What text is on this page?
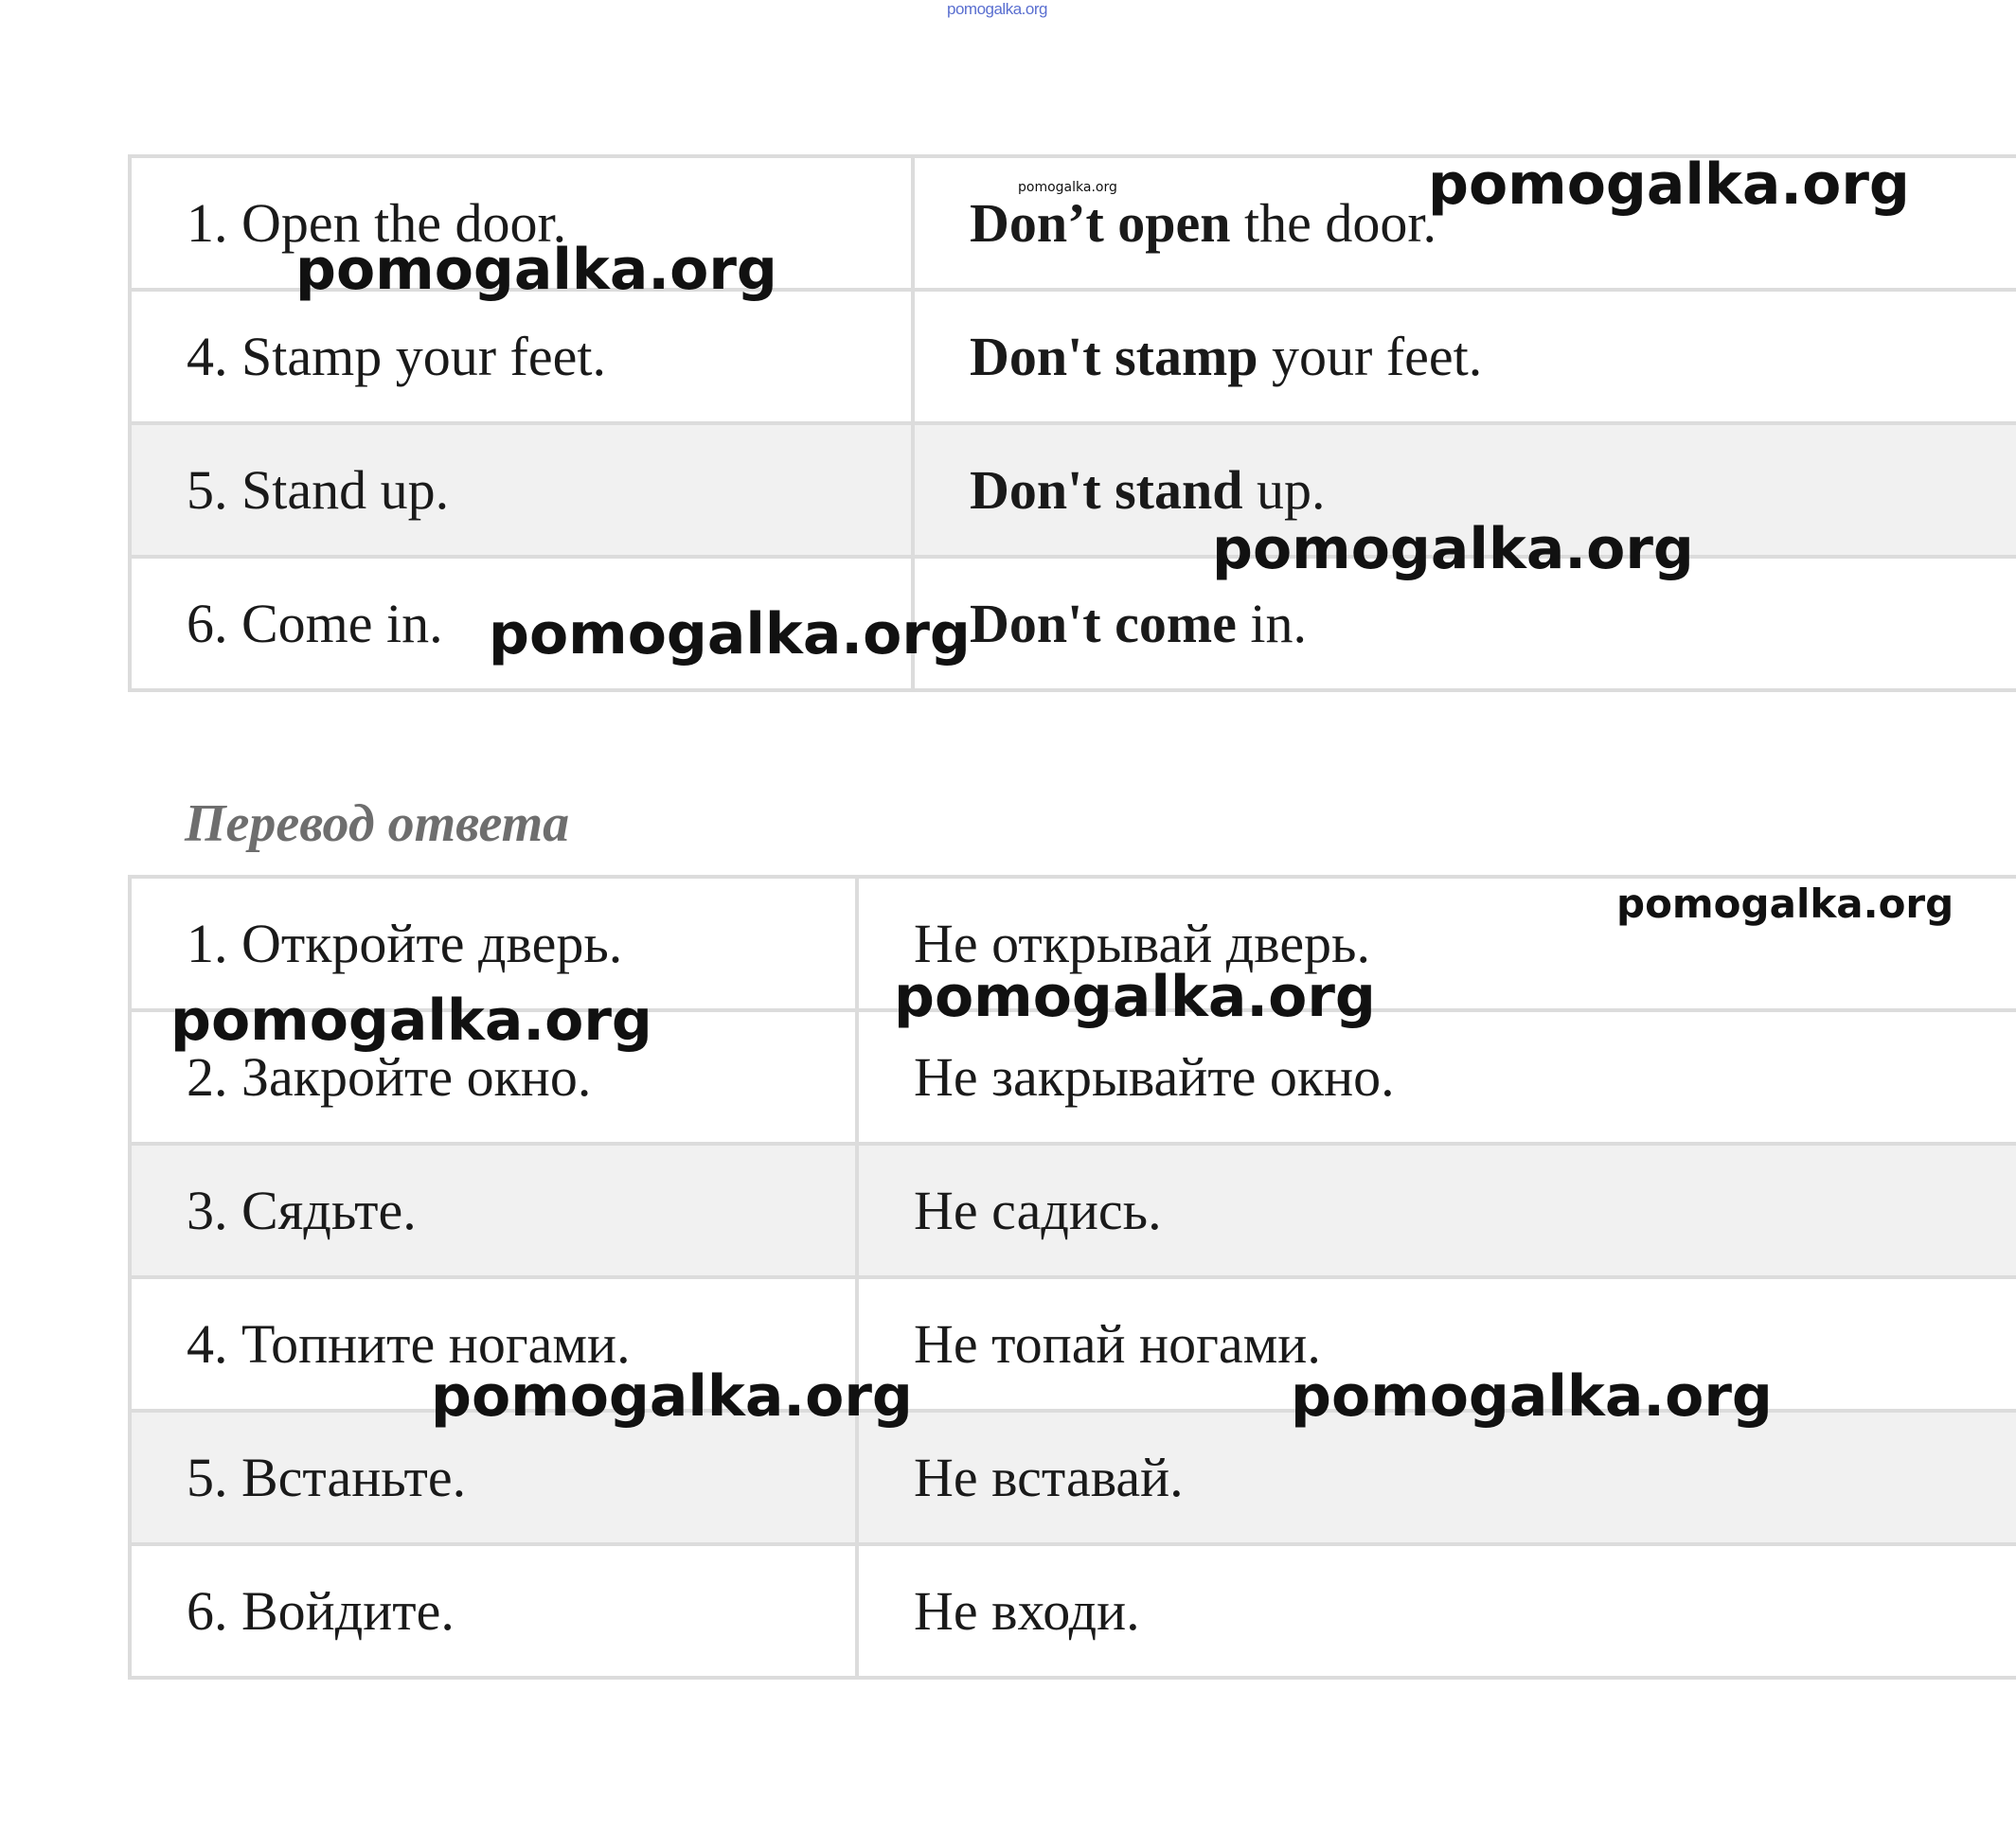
pomogalka.org
1. Open the door.	Don’t open the door.
4. Stamp your feet.	Don't stamp your feet.
5. Stand up.	Don't stand up.
6. Come in.	Don't come in.
Перевод ответа
1. Откройте дверь.	Не открывай дверь.
2. Закройте окно.	Не закрывайте окно.
3. Сядьте.	Не садись.
4. Топните ногами.	Не топай ногами.
5. Встаньте.	Не вставай.
6. Войдите.	Не входи.
pomogalka.org	pomogalka.org
pomogalka.org
pomogalka.org
pomogalka.org
pomogalka.org
pomogalka.org
pomogalka.org
pomogalka.org	pomogalka.org
